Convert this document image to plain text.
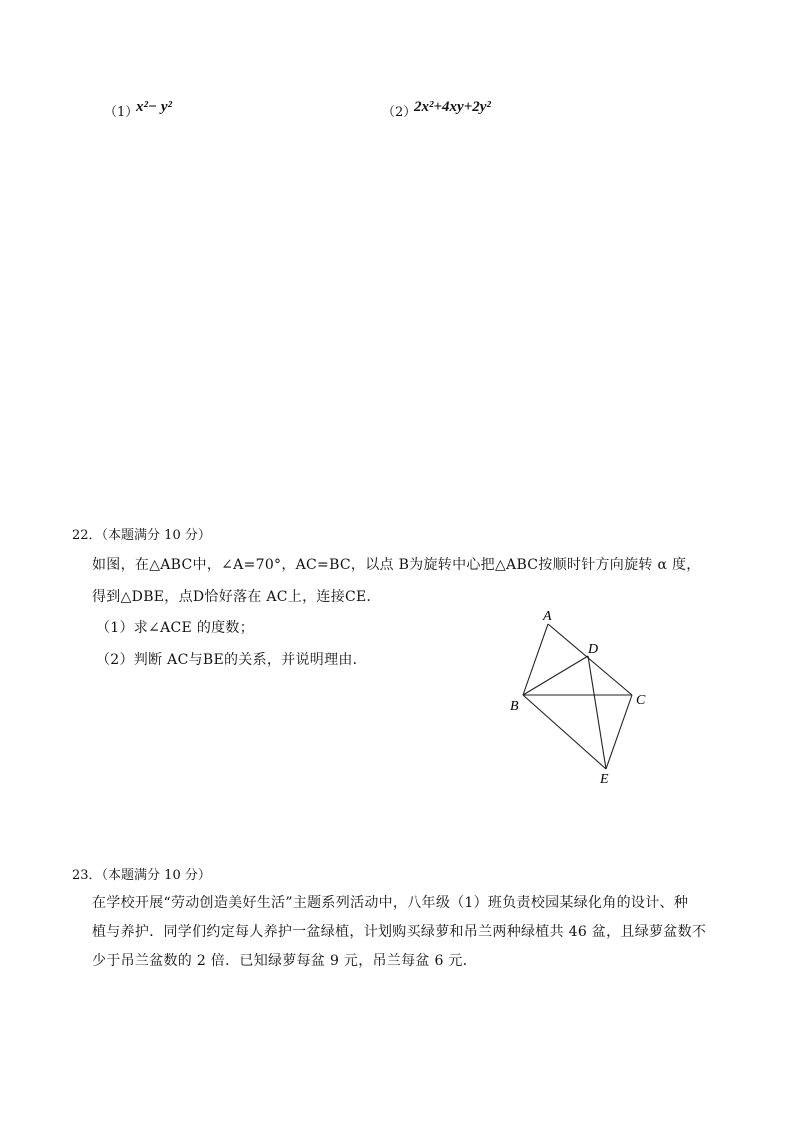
（1）
x²− y²	（2）
2x²+4xy+2y²
22．（本题满分 10 分）
如图，在△ABC中，∠A=70°，AC=BC，以点 B为旋转中心把△ABC按顺时针方向旋转 α 度，
得到△DBE，点D恰好落在 AC上，连接CE．
（1）求∠ACE 的度数；
（2）判断 AC与BE的关系，并说明理由．
A
B	C
D
E
23．（本题满分 10 分）
在学校开展“劳动创造美好生活”主题系列活动中，八年级（1）班负责校园某绿化角的设计、种
植与养护．同学们约定每人养护一盆绿植，计划购买绿萝和吊兰两种绿植共 46 盆，且绿萝盆数不
少于吊兰盆数的 2 倍．已知绿萝每盆 9 元，吊兰每盆 6 元．
